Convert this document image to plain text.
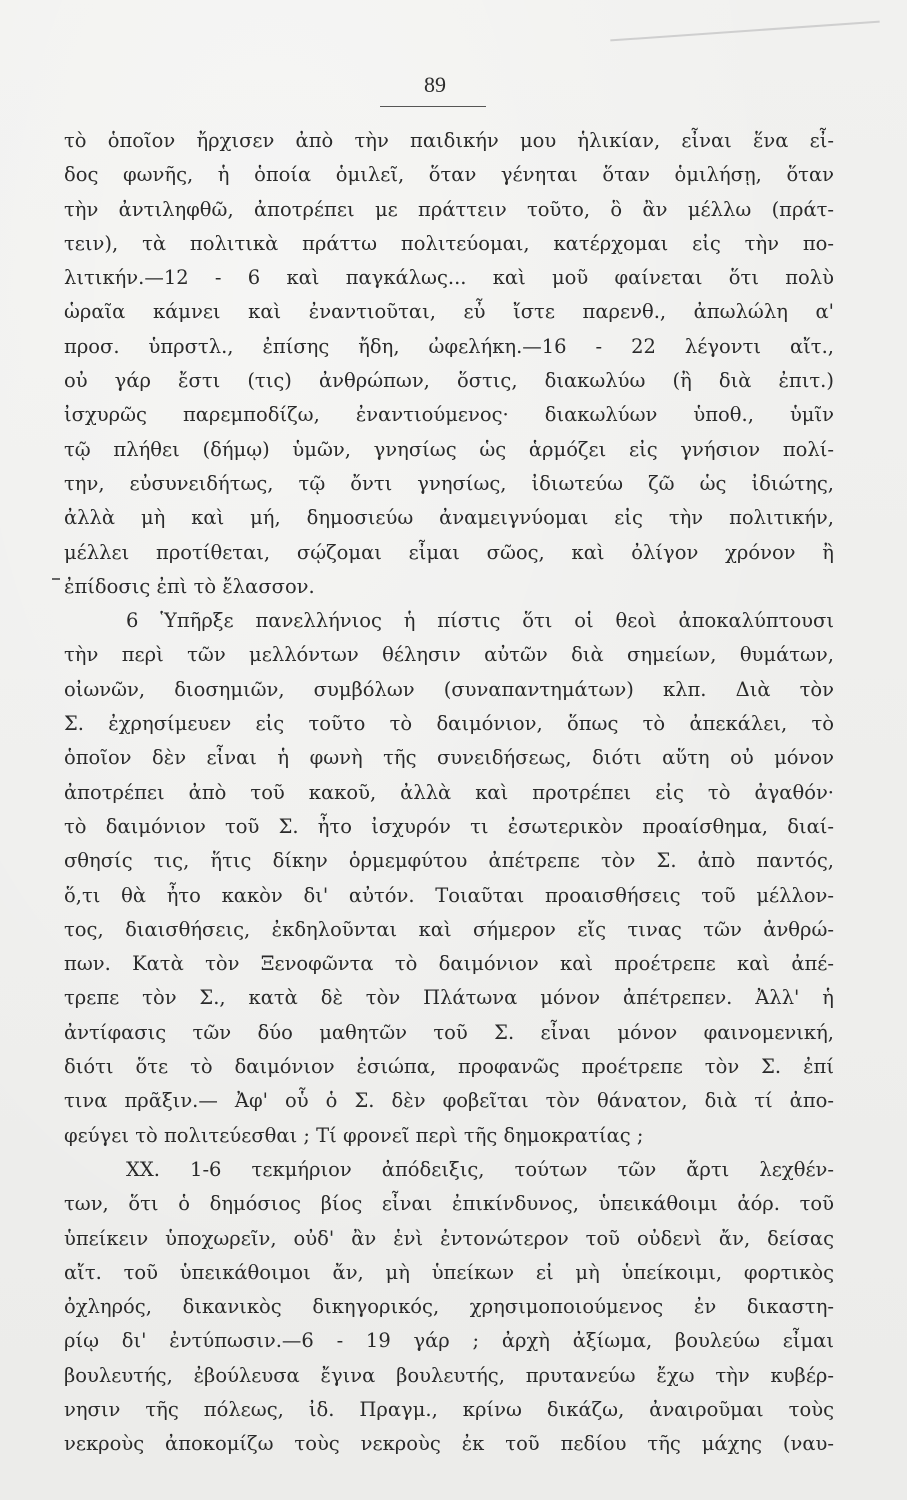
​
​
89
τὸ ὁποῖον ἤρχισεν ἀπὸ τὴν παιδικήν μου ἡλικίαν, εἶναι ἕνα εἶ-
δος φωνῆς, ἡ ὁποία ὁμιλεῖ, ὅταν γένηται ὅταν ὁμιλήσῃ, ὅταν
τὴν ἀντιληφθῶ, ἀποτρέπει με πράττειν τοῦτο, ὃ ἂν μέλλω (πράτ-
τειν), τὰ πολιτικὰ πράττω πολιτεύομαι, κατέρχομαι εἰς τὴν πο-
λιτικήν.—12 - 6 καὶ παγκάλως... καὶ μοῦ φαίνεται ὅτι πολὺ
ὡραῖα κάμνει καὶ ἐναντιοῦται, εὖ ἴστε παρενθ., ἀπωλώλη α'
προσ. ὑπρστλ., ἐπίσης ἤδη, ὠφελήκη.—16 - 22 λέγοντι αἴτ.,
οὐ γάρ ἔστι (τις) ἀνθρώπων, ὅστις, διακωλύω (ἢ διὰ ἐπιτ.)
ἰσχυρῶς παρεμποδίζω, ἐναντιούμενος· διακωλύων ὑποθ., ὑμῖν
τῷ πλήθει (δήμῳ) ὑμῶν, γνησίως ὡς ἁρμόζει εἰς γνήσιον πολί-
την, εὐσυνειδήτως, τῷ ὄντι γνησίως, ἰδιωτεύω ζῶ ὡς ἰδιώτης,
ἀλλὰ μὴ καὶ μή, δημοσιεύω ἀναμειγνύομαι εἰς τὴν πολιτικήν,
μέλλει προτίθεται, σῴζομαι εἶμαι σῶος, καὶ ὀλίγον χρόνον ἢ
ἐπίδοσις ἐπὶ τὸ ἔλασσον.
6 Ὑπῆρξε πανελλήνιος ἡ πίστις ὅτι οἱ θεοὶ ἀποκαλύπτουσι
τὴν περὶ τῶν μελλόντων θέλησιν αὐτῶν διὰ σημείων, θυμάτων,
οἰωνῶν, διοσημιῶν, συμβόλων (συναπαντημάτων) κλπ. Διὰ τὸν
Σ. ἐχρησίμευεν εἰς τοῦτο τὸ δαιμόνιον, ὅπως τὸ ἀπεκάλει, τὸ
ὁποῖον δὲν εἶναι ἡ φωνὴ τῆς συνειδήσεως, διότι αὕτη οὐ μόνον
ἀποτρέπει ἀπὸ τοῦ κακοῦ, ἀλλὰ καὶ προτρέπει εἰς τὸ ἀγαθόν·
τὸ δαιμόνιον τοῦ Σ. ἦτο ἰσχυρόν τι ἐσωτερικὸν προαίσθημα, διαί-
σθησίς τις, ἥτις δίκην ὁρμεμφύτου ἀπέτρεπε τὸν Σ. ἀπὸ παντός,
ὅ,τι θὰ ἦτο κακὸν δι' αὐτόν. Τοιαῦται προαισθήσεις τοῦ μέλλον-
τος, διαισθήσεις, ἐκδηλοῦνται καὶ σήμερον εἴς τινας τῶν ἀνθρώ-
πων. Κατὰ τὸν Ξενοφῶντα τὸ δαιμόνιον καὶ προέτρεπε καὶ ἀπέ-
τρεπε τὸν Σ., κατὰ δὲ τὸν Πλάτωνα μόνον ἀπέτρεπεν. Ἀλλ' ἡ
ἀντίφασις τῶν δύο μαθητῶν τοῦ Σ. εἶναι μόνον φαινομενική,
διότι ὅτε τὸ δαιμόνιον ἐσιώπα, προφανῶς προέτρεπε τὸν Σ. ἐπί
τινα πρᾶξιν.— Ἀφ' οὗ ὁ Σ. δὲν φοβεῖται τὸν θάνατον, διὰ τί ἀπο-
φεύγει τὸ πολιτεύεσθαι ; Τί φρονεῖ περὶ τῆς δημοκρατίας ;
XX. 1-6 τεκμήριον ἀπόδειξις, τούτων τῶν ἄρτι λεχθέν-
των, ὅτι ὁ δημόσιος βίος εἶναι ἐπικίνδυνος, ὑπεικάθοιμι ἀόρ. τοῦ
ὑπείκειν ὑποχωρεῖν, οὐδ' ἂν ἑνὶ ἐντονώτερον τοῦ οὐδενὶ ἄν, δείσας
αἴτ. τοῦ ὑπεικάθοιμοι ἄν, μὴ ὑπείκων εἰ μὴ ὑπείκοιμι, φορτικὸς
ὀχληρός, δικανικὸς δικηγορικός, χρησιμοποιούμενος ἐν δικαστη-
ρίῳ δι' ἐντύπωσιν.—6 - 19 γάρ ; ἀρχὴ ἀξίωμα, βουλεύω εἶμαι
βουλευτής, ἐβούλευσα ἔγινα βουλευτής, πρυτανεύω ἔχω τὴν κυβέρ-
νησιν τῆς πόλεως, ἰδ. Πραγμ., κρίνω δικάζω, ἀναιροῦμαι τοὺς
νεκροὺς ἀποκομίζω τοὺς νεκροὺς ἐκ τοῦ πεδίου τῆς μάχης (ναυ-
